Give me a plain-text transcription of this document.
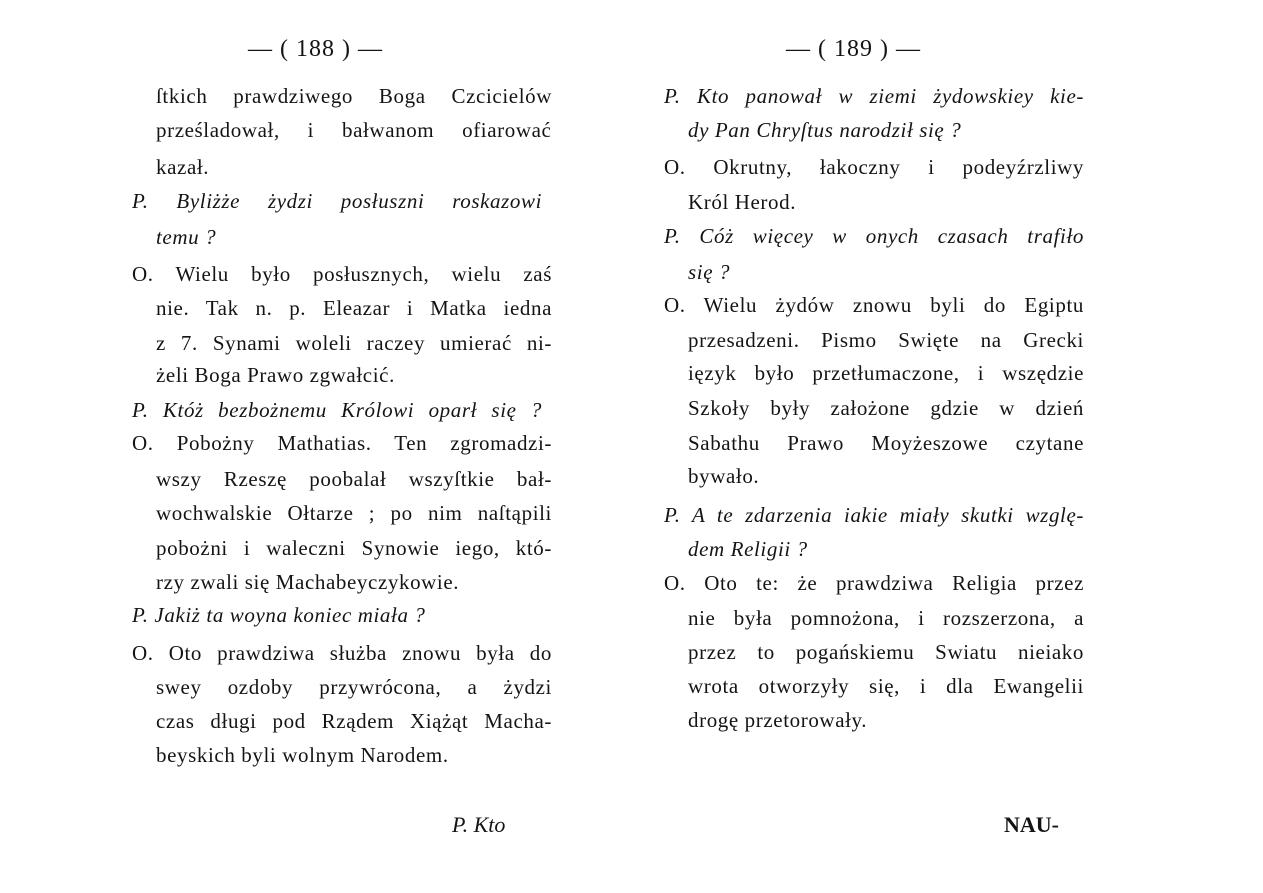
— ( 188 ) —
ſtkich prawdziwego Boga Czcicielów
prześladował, i bałwanom ofiarować
kazał.
P. Byliżże żydzi posłuszni roskazowi
temu ?
O. Wielu było posłusznych, wielu zaś
nie. Tak n. p. Eleazar i Matka iedna
z 7. Synami woleli raczey umierać ni-
żeli Boga Prawo zgwałcić.
P. Któż bezbożnemu Królowi oparł się ?
O. Pobożny Mathatias. Ten zgromadzi-
wszy Rzeszę poobalał wszyſtkie bał-
wochwalskie Ołtarze ; po nim naſtąpili
pobożni i waleczni Synowie iego, któ-
rzy zwali się Machabeyczykowie.
P. Jakiż ta woyna koniec miała ?
O. Oto prawdziwa służba znowu była do
swey ozdoby przywrócona, a żydzi
czas długi pod Rządem Xiążąt Macha-
beyskich byli wolnym Narodem.
P. Kto
— ( 189 ) —
P. Kto panował w ziemi żydowskiey kie-
dy Pan Chryſtus narodził się ?
O. Okrutny, łakoczny i podeyźrzliwy
Król Herod.
P. Cóż więcey w onych czasach trafiło
się ?
O. Wielu żydów znowu byli do Egiptu
przesadzeni. Pismo Swięte na Grecki
ięzyk było przetłumaczone, i wszędzie
Szkoły były założone gdzie w dzień
Sabathu Prawo Moyżeszowe czytane
bywało.
P. A te zdarzenia iakie miały skutki wzglę-
dem Religii ?
O. Oto te: że prawdziwa Religia przez
nie była pomnożona, i rozszerzona, a
przez to pogańskiemu Swiatu nieiako
wrota otworzyły się, i dla Ewangelii
drogę przetorowały.
NAU-
